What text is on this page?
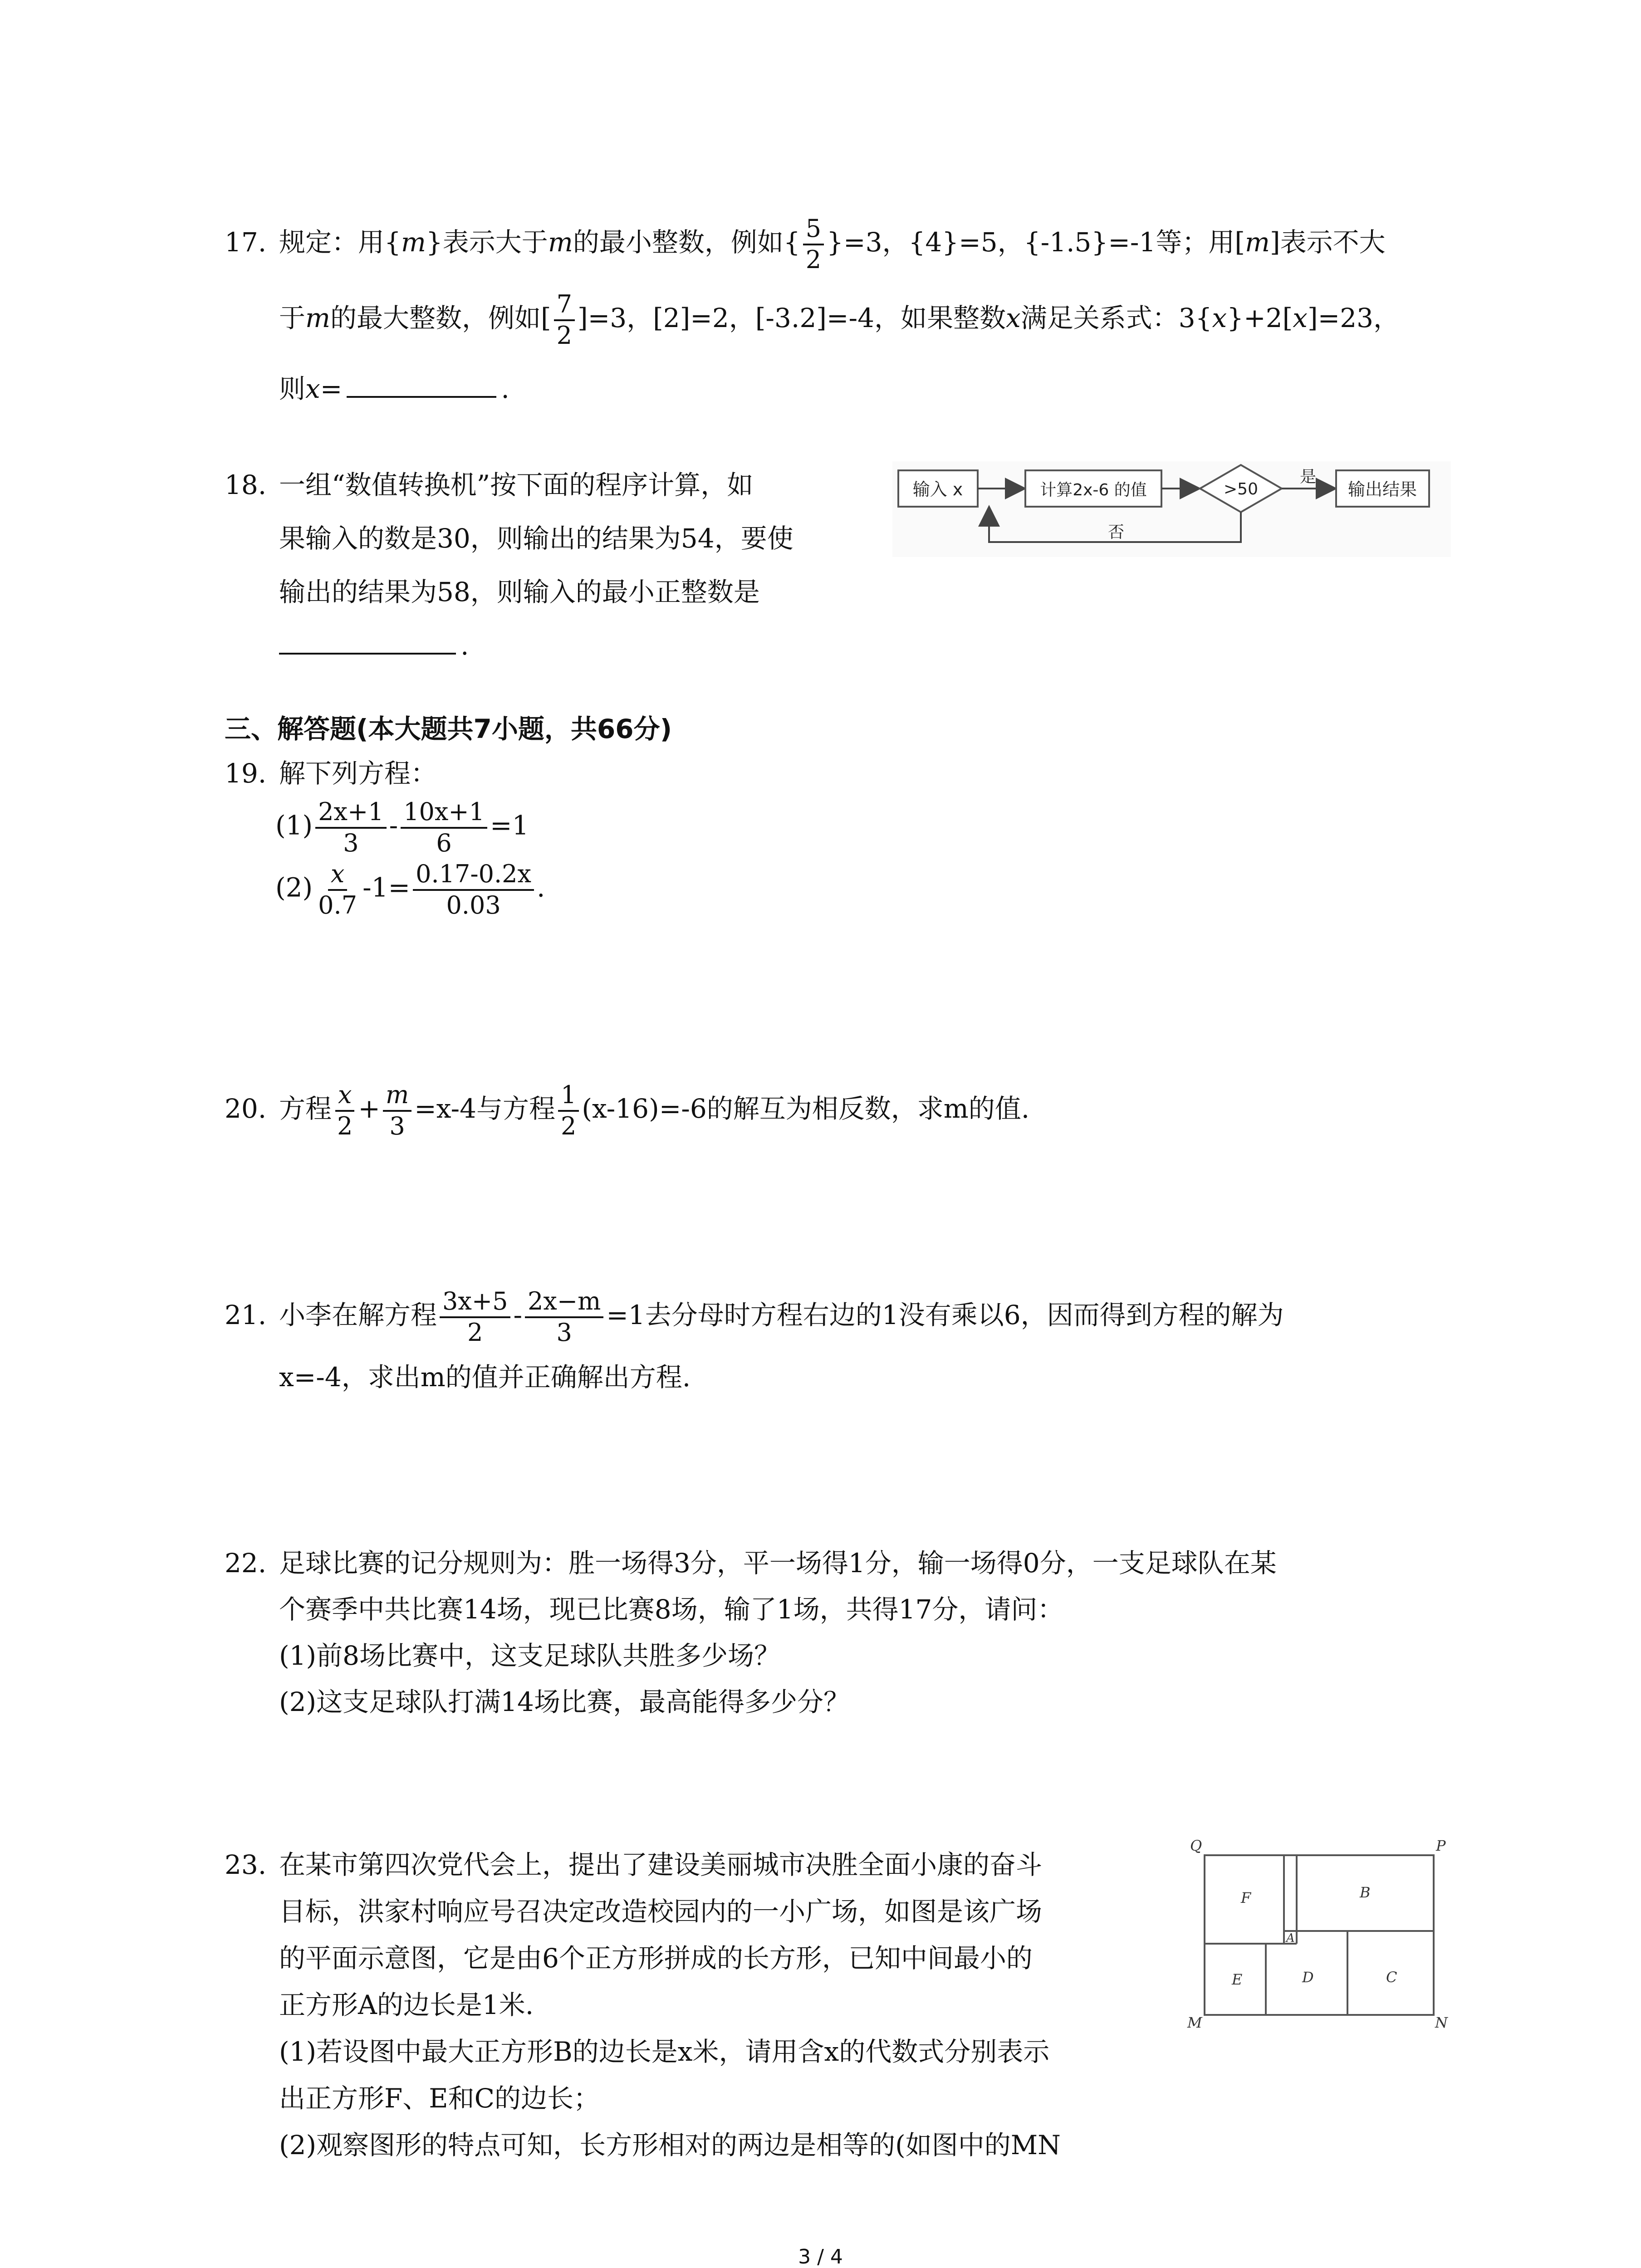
17. 规定：用{m}表示大于m的最小整数，例如{ $\frac{5}{2} \}=3$，{4}=5，{-1.5}=-1等；用[m]表示不大
于m的最大整数，例如[ $\frac{7}{2} ]=3$，[2]=2，[-3.2]=-4，如果整数x满足关系式：3{x}+2[x]=23，
则x=	.
18. 一组“数值转换机”按下面的程序计算，如
果输入的数是30，则输出的结果为54，要使
输出的结果为58，则输入的最小正整数是
.
输入 x	计算2x-6 的值	>50
是
输出结果
否
三、解答题(本大题共7小题，共66分)
19. 解下列方程：
$(1) \frac{2x+1}{3} - \frac{10x+1}{6} =1$
$(2) \frac{x}{0.7} -1= \frac{0.17-0.2x}{0.03}$ .
20. 方程 $\frac{x}{2} + \frac{m}{3} =x-4$与方程 $\frac{1}{2} (x-16)=-6$的解互为相反数，求m的值.
21. 小李在解方程 $\frac{3x+5}{2} - \frac{2x-m}{3} =1$去分母时方程右边的1没有乘以6，因而得到方程的解为
x=-4，求出m的值并正确解出方程.
22. 足球比赛的记分规则为：胜一场得3分，平一场得1分，输一场得0分，一支足球队在某
个赛季中共比赛14场，现已比赛8场，输了1场，共得17分，请问：
(1)前8场比赛中，这支足球队共胜多少场？
(2)这支足球队打满14场比赛，最高能得多少分？
23. 在某市第四次党代会上，提出了建设美丽城市决胜全面小康的奋斗
目标，洪家村响应号召决定改造校园内的一小广场，如图是该广场
的平面示意图，它是由6个正方形拼成的长方形，已知中间最小的
正方形A的边长是1米.
(1)若设图中最大正方形B的边长是x米，请用含x的代数式分别表示
出正方形F、E和C的边长；
(2)观察图形的特点可知，长方形相对的两边是相等的(如图中的MN
Q	P
M	N
F	B
A
E	D	C
3 / 4
